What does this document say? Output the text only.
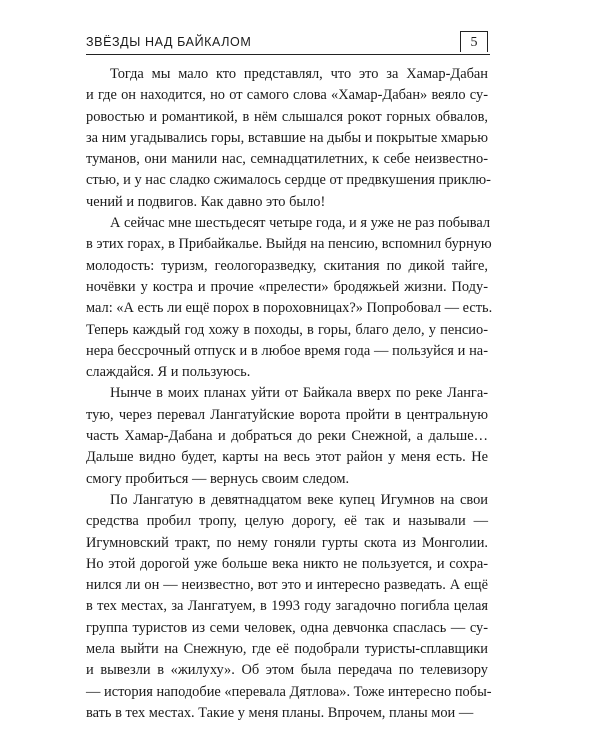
ЗВЁЗДЫ НАД БАЙКАЛОМ	5

Тогда мы мало кто представлял, что это за Хамар-Дабан
и где он находится, но от самого слова «Хамар-Дабан» веяло су-
ровостью и романтикой, в нём слышался рокот горных обвалов,
за ним угадывались горы, вставшие на дыбы и покрытые хмарью
туманов, они манили нас, семнадцатилетних, к себе неизвестно-
стью, и у нас сладко сжималось сердце от предвкушения приклю-
чений и подвигов. Как давно это было!

А сейчас мне шестьдесят четыре года, и я уже не раз побывал
в этих горах, в Прибайкалье. Выйдя на пенсию, вспомнил бурную
молодость: туризм, геологоразведку, скитания по дикой тайге,
ночёвки у костра и прочие «прелести» бродяжьей жизни. Поду-
мал: «А есть ли ещё порох в пороховницах?» Попробовал — есть.
Теперь каждый год хожу в походы, в горы, благо дело, у пенсио-
нера бессрочный отпуск и в любое время года — пользуйся и на-
слаждайся. Я и пользуюсь.

Нынче в моих планах уйти от Байкала вверх по реке Ланга-
тую, через перевал Лангатуйские ворота пройти в центральную
часть Хамар-Дабана и добраться до реки Снежной, а дальше…
Дальше видно будет, карты на весь этот район у меня есть. Не
смогу пробиться — вернусь своим следом.

По Лангатую в девятнадцатом веке купец Игумнов на свои
средства пробил тропу, целую дорогу, её так и называли —
Игумновский тракт, по нему гоняли гурты скота из Монголии.
Но этой дорогой уже больше века никто не пользуется, и сохра-
нился ли он — неизвестно, вот это и интересно разведать. А ещё
в тех местах, за Лангатуем, в 1993 году загадочно погибла целая
группа туристов из семи человек, одна девчонка спаслась — су-
мела выйти на Снежную, где её подобрали туристы-сплавщики
и вывезли в «жилуху». Об этом была передача по телевизору
— история наподобие «перевала Дятлова». Тоже интересно побы-
вать в тех местах. Такие у меня планы. Впрочем, планы мои —
